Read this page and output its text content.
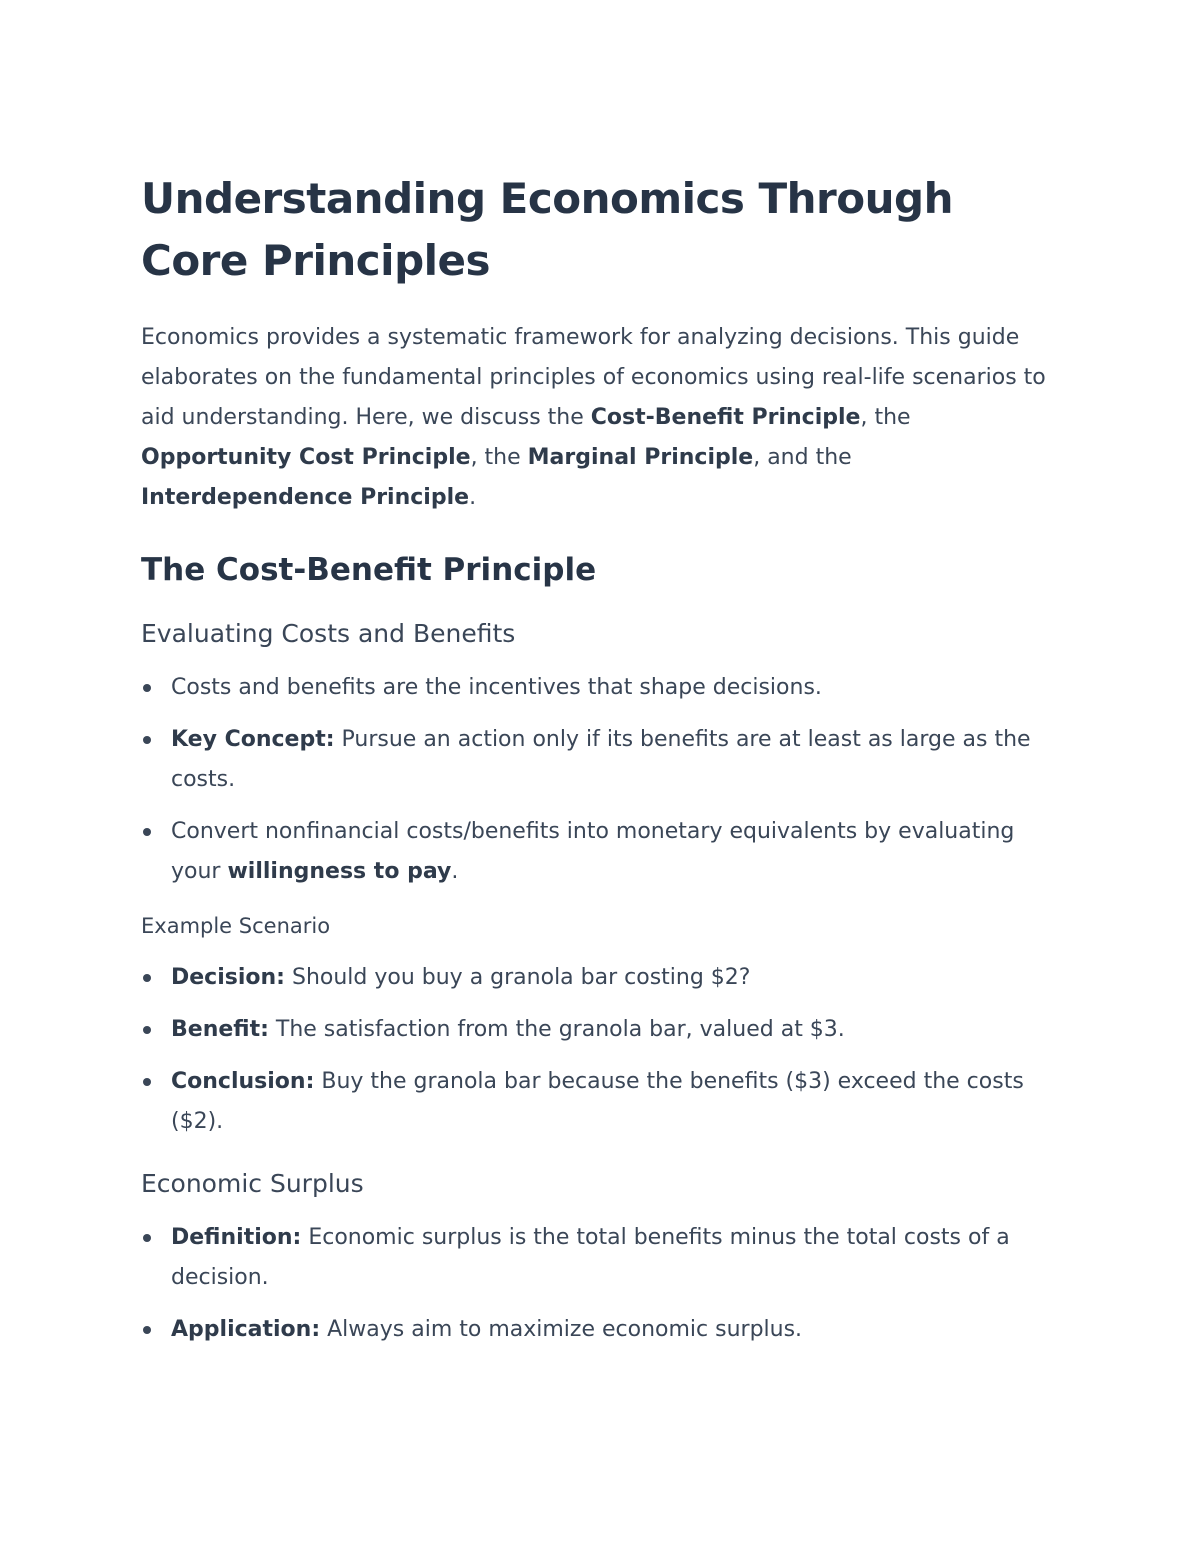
Understanding Economics Through Core Principles

Economics provides a systematic framework for analyzing decisions. This guide elaborates on the fundamental principles of economics using real-life scenarios to aid understanding. Here, we discuss the Cost-Benefit Principle, the Opportunity Cost Principle, the Marginal Principle, and the Interdependence Principle.

The Cost-Benefit Principle
Evaluating Costs and Benefits
Costs and benefits are the incentives that shape decisions.
Key Concept: Pursue an action only if its benefits are at least as large as the costs.
Convert nonfinancial costs/benefits into monetary equivalents by evaluating your willingness to pay.
Example Scenario
Decision: Should you buy a granola bar costing $2?
Benefit: The satisfaction from the granola bar, valued at $3.
Conclusion: Buy the granola bar because the benefits ($3) exceed the costs ($2).
Economic Surplus
Definition: Economic surplus is the total benefits minus the total costs of a decision.
Application: Always aim to maximize economic surplus.
